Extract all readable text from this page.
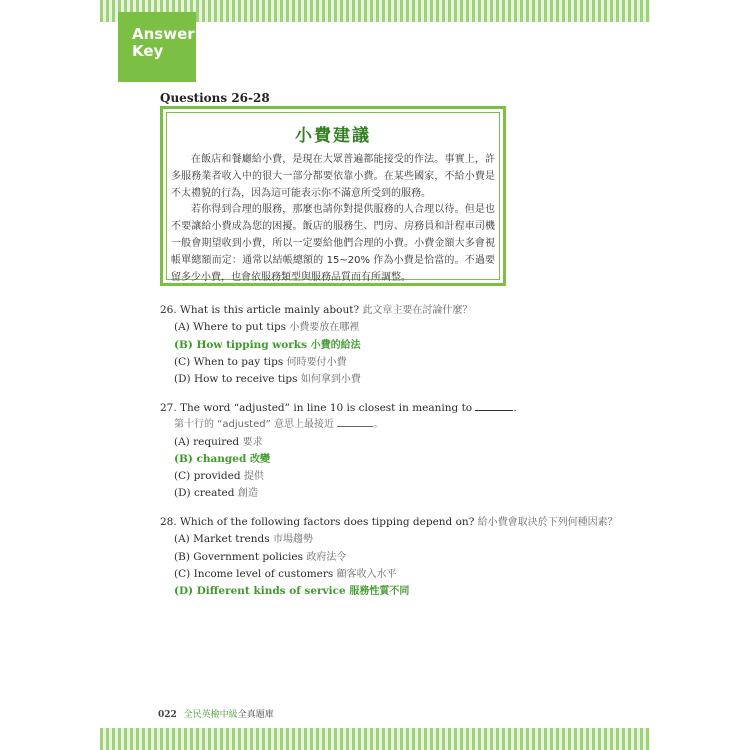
Answer
Key
Questions 26-28
小費建議

在飯店和餐廳給小費，是現在大眾普遍都能接受的作法。事實上，許多服務業者收入中的很大一部分都要依靠小費。在某些國家，不給小費是不太禮貌的行為，因為這可能表示你不滿意所受到的服務。

若你得到合理的服務，那麼也請你對提供服務的人合理以待。但是也不要讓給小費成為您的困擾。飯店的服務生、門房、房務員和計程車司機一般會期望收到小費，所以一定要給他們合理的小費。小費金額大多會視帳單總額而定：通常以結帳總額的 15~20% 作為小費是恰當的。不過要留多少小費，也會依服務類型與服務品質而有所調整。

26. What is this article mainly about? 此文章主要在討論什麼？
(A) Where to put tips 小費要放在哪裡
(B) How tipping works 小費的給法
(C) When to pay tips 何時要付小費
(D) How to receive tips 如何拿到小費
27. The word “adjusted” in line 10 is closest in meaning to	.
第十行的 “adjusted” 意思上最接近	。
(A) required 要求
(B) changed 改變
(C) provided 提供
(D) created 創造
28. Which of the following factors does tipping depend on? 給小費會取決於下列何種因素？
(A) Market trends 市場趨勢
(B) Government policies 政府法令
(C) Income level of customers 顧客收入水平
(D) Different kinds of service 服務性質不同
022 全民英檢中級全真題庫
